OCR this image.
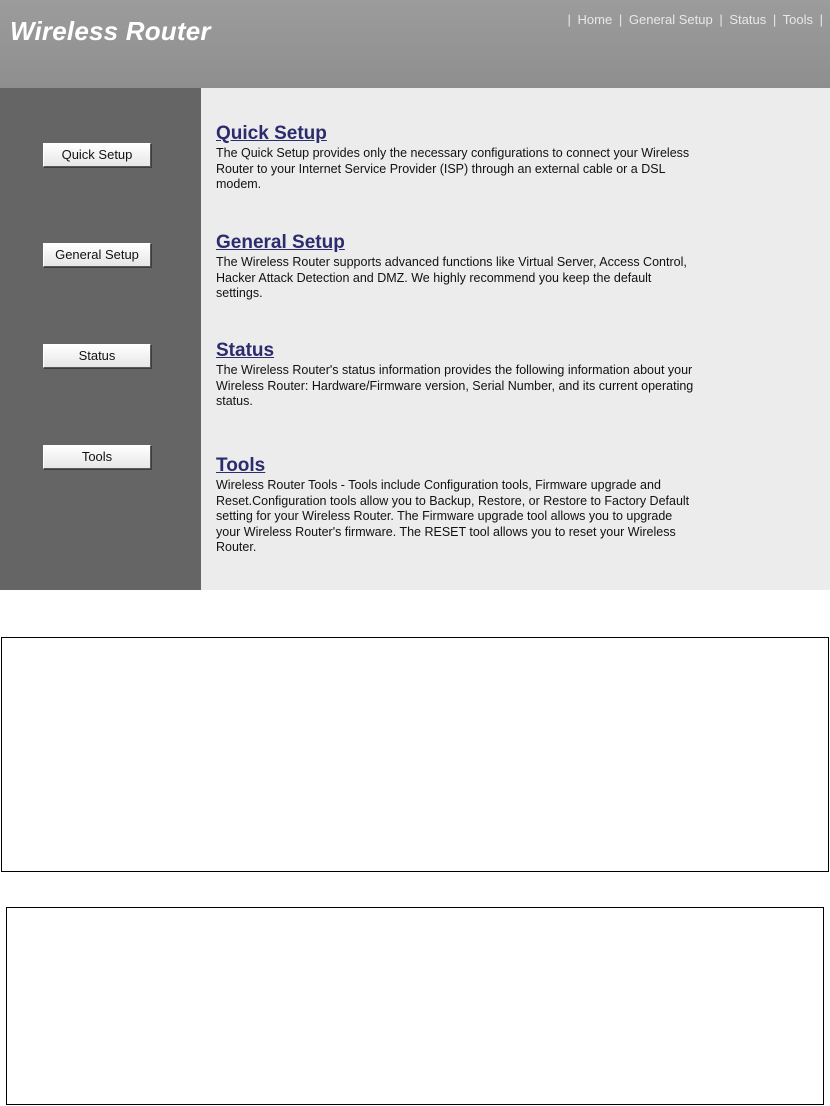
Wireless Router	| Home | General Setup | Status | Tools |
Quick Setup
General Setup
Status
Tools
Quick Setup

The Quick Setup provides only the necessary configurations to connect your Wireless Router to your Internet Service Provider (ISP) through an external cable or a DSL modem.

General Setup

The Wireless Router supports advanced functions like Virtual Server, Access Control, Hacker Attack Detection and DMZ. We highly recommend you keep the default settings.

Status

The Wireless Router's status information provides the following information about your Wireless Router: Hardware/Firmware version, Serial Number, and its current operating status.

Tools

Wireless Router Tools - Tools include Configuration tools, Firmware upgrade and Reset.Configuration tools allow you to Backup, Restore, or Restore to Factory Default setting for your Wireless Router. The Firmware upgrade tool allows you to upgrade your Wireless Router's firmware. The RESET tool allows you to reset your Wireless Router.
